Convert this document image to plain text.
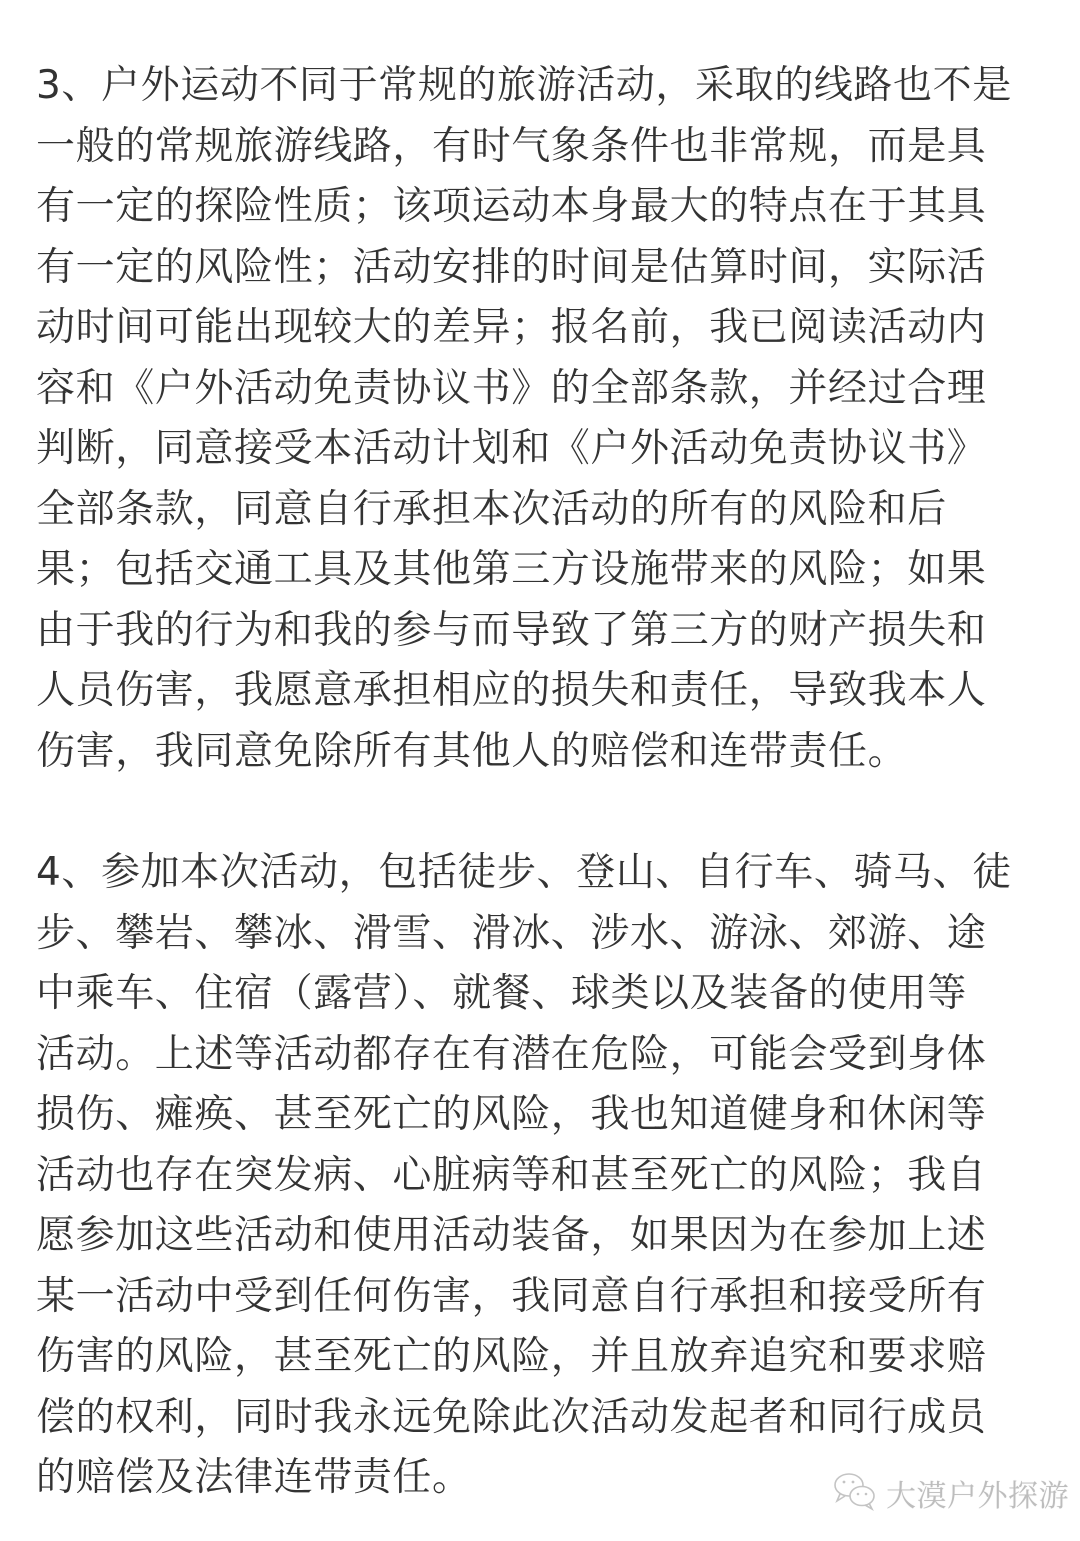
3、户外运动不同于常规的旅游活动，采取的线路也不是
一般的常规旅游线路，有时气象条件也非常规，而是具
有一定的探险性质；该项运动本身最大的特点在于其具
有一定的风险性；活动安排的时间是估算时间，实际活
动时间可能出现较大的差异；报名前，我已阅读活动内
容和《户外活动免责协议书》的全部条款，并经过合理
判断，同意接受本活动计划和《户外活动免责协议书》
全部条款，同意自行承担本次活动的所有的风险和后
果；包括交通工具及其他第三方设施带来的风险；如果
由于我的行为和我的参与而导致了第三方的财产损失和
人员伤害，我愿意承担相应的损失和责任，导致我本人
伤害，我同意免除所有其他人的赔偿和连带责任。
4、参加本次活动，包括徒步、登山、自行车、骑马、徒
步、攀岩、攀冰、滑雪、滑冰、涉水、游泳、郊游、途
中乘车、住宿（露营）、就餐、球类以及装备的使用等
活动。上述等活动都存在有潜在危险，可能会受到身体
损伤、瘫痪、甚至死亡的风险，我也知道健身和休闲等
活动也存在突发病、心脏病等和甚至死亡的风险；我自
愿参加这些活动和使用活动装备，如果因为在参加上述
某一活动中受到任何伤害，我同意自行承担和接受所有
伤害的风险，甚至死亡的风险，并且放弃追究和要求赔
偿的权利，同时我永远免除此次活动发起者和同行成员
的赔偿及法律连带责任。	大漠户外探游
